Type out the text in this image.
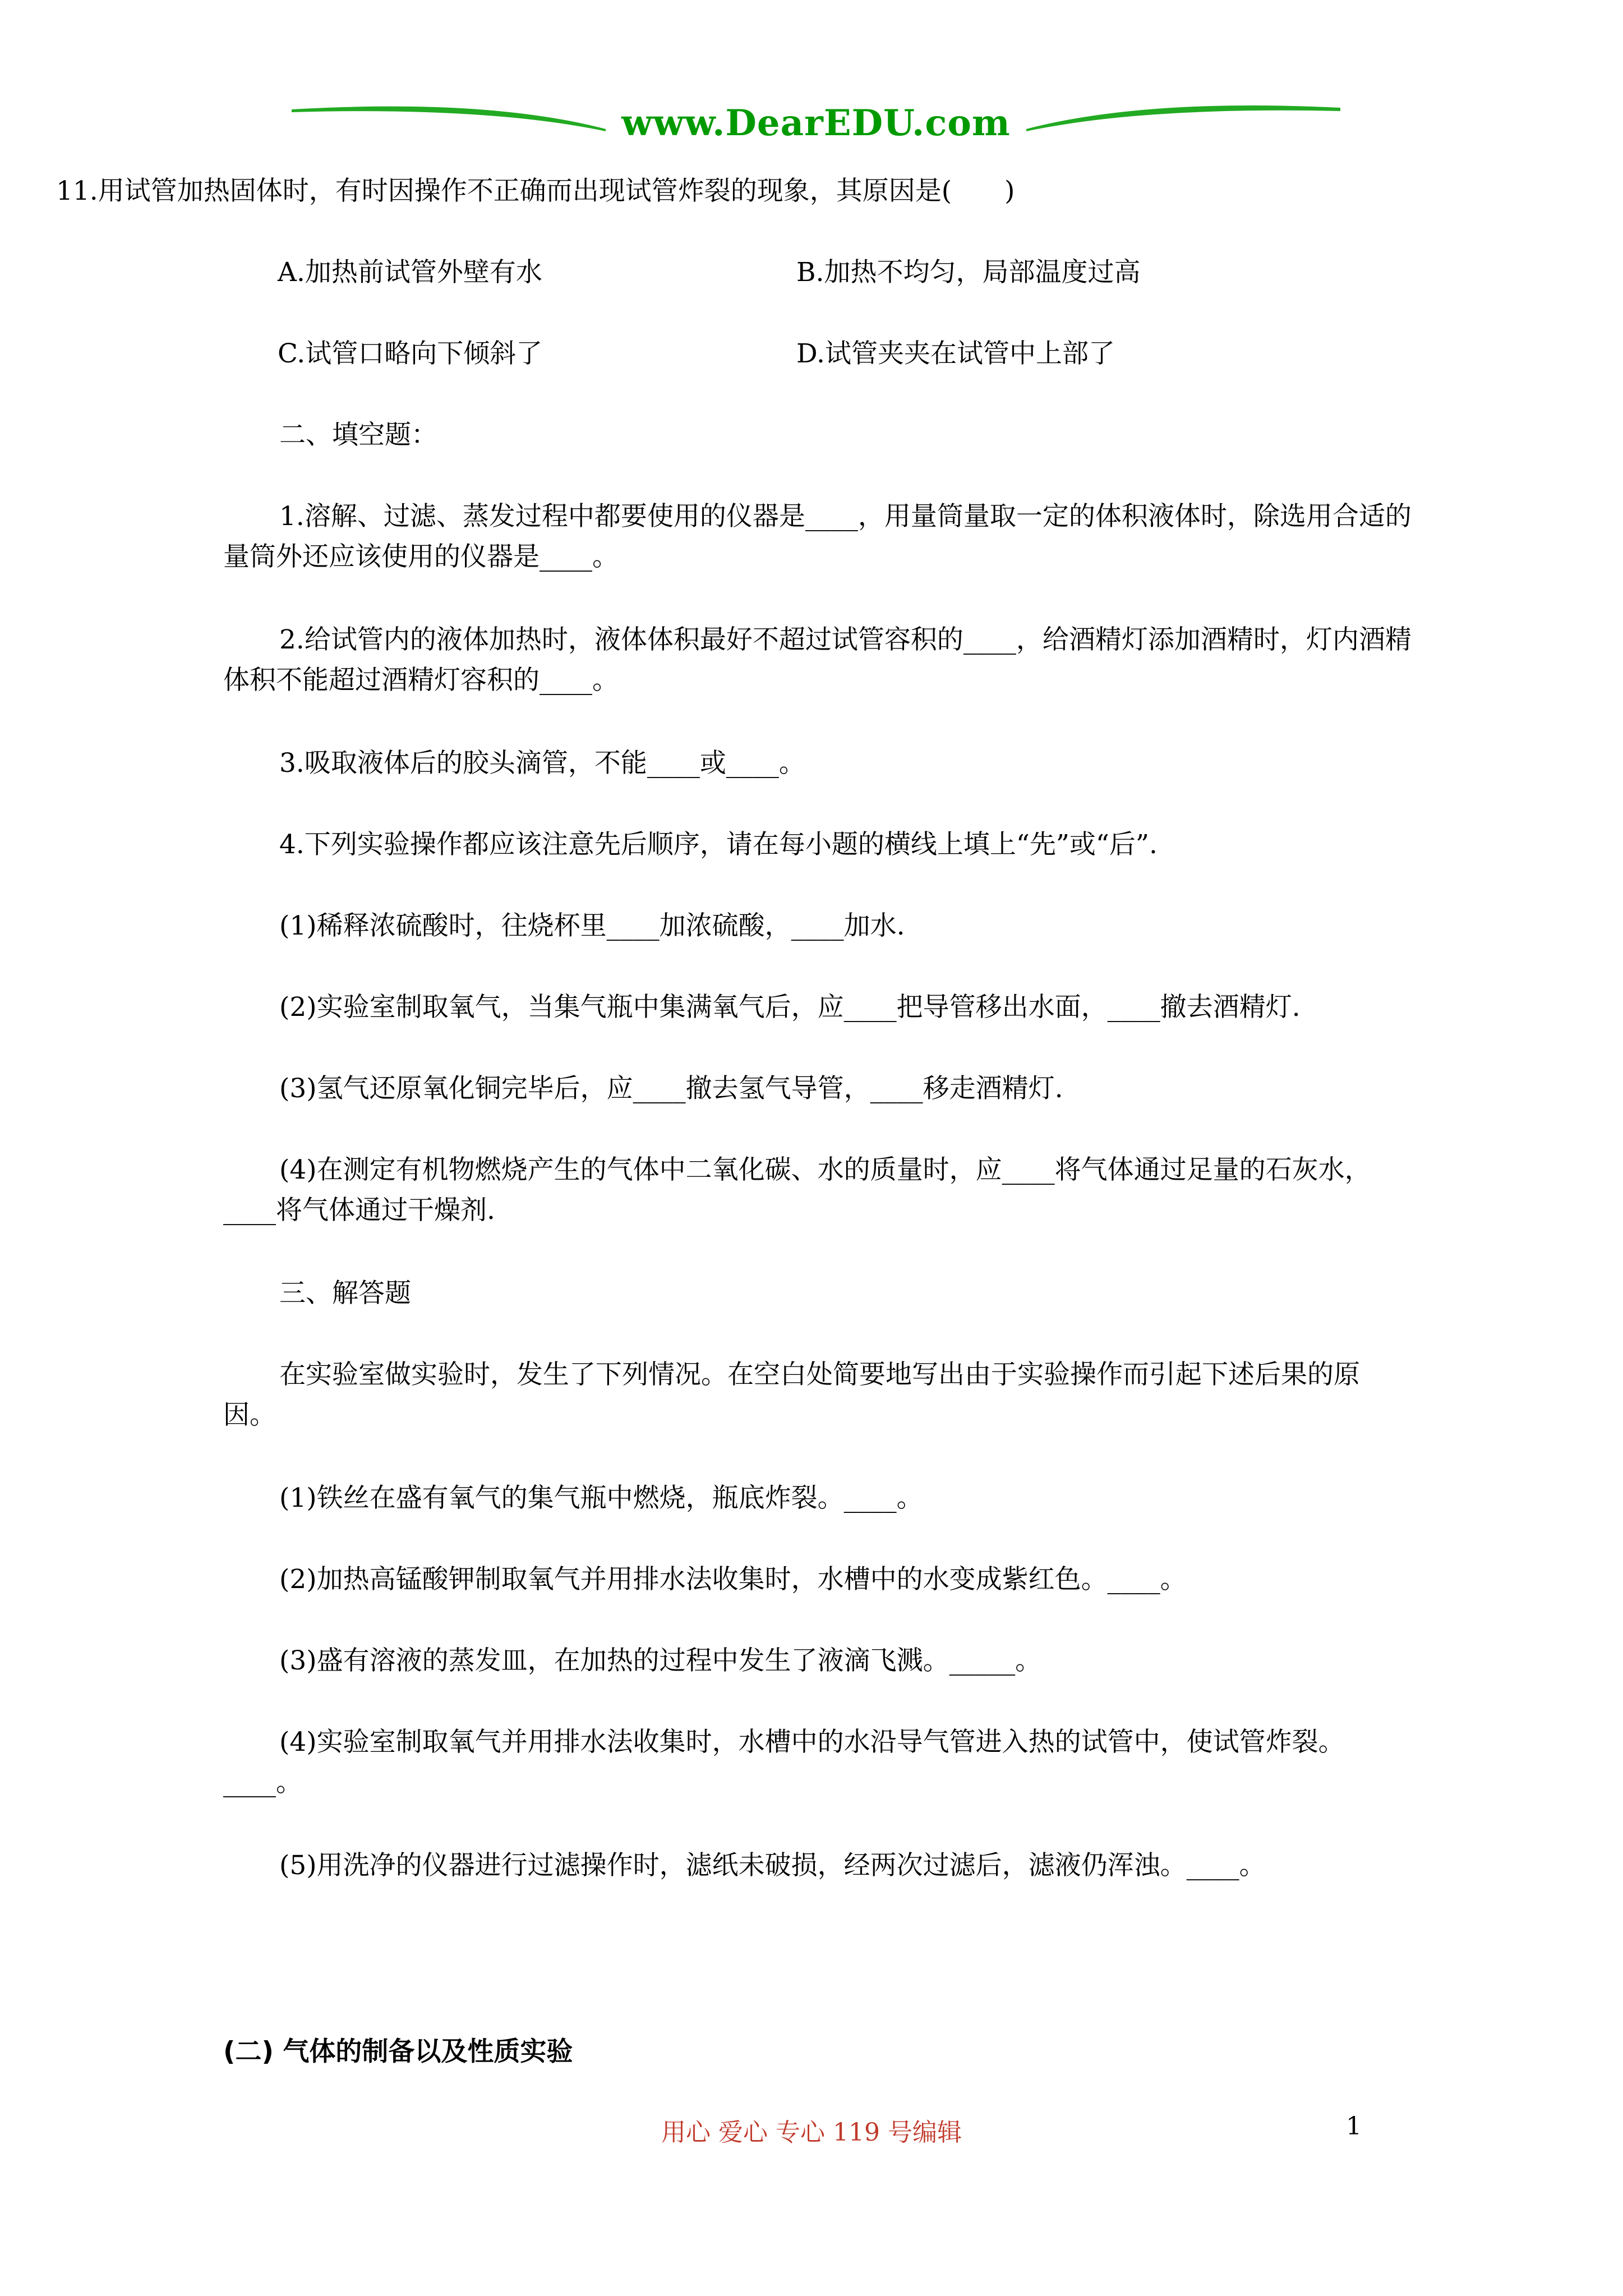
www.DearEDU.com
11.用试管加热固体时，有时因操作不正确而出现试管炸裂的现象，其原因是(　　)
A.加热前试管外壁有水	B.加热不均匀，局部温度过高
C.试管口略向下倾斜了	D.试管夹夹在试管中上部了
二、填空题：
1.溶解、过滤、蒸发过程中都要使用的仪器是____，用量筒量取一定的体积液体时，除选用合适的量筒外还应该使用的仪器是____。
2.给试管内的液体加热时，液体体积最好不超过试管容积的____，给酒精灯添加酒精时，灯内酒精体积不能超过酒精灯容积的____。
3.吸取液体后的胶头滴管，不能____或____。
4.下列实验操作都应该注意先后顺序，请在每小题的横线上填上“先”或“后”.
(1)稀释浓硫酸时，往烧杯里____加浓硫酸，____加水.
(2)实验室制取氧气，当集气瓶中集满氧气后，应____把导管移出水面，____撤去酒精灯.
(3)氢气还原氧化铜完毕后，应____撤去氢气导管，____移走酒精灯.
(4)在测定有机物燃烧产生的气体中二氧化碳、水的质量时，应____将气体通过足量的石灰水，____将气体通过干燥剂.
三、解答题
在实验室做实验时，发生了下列情况。在空白处简要地写出由于实验操作而引起下述后果的原因。
(1)铁丝在盛有氧气的集气瓶中燃烧，瓶底炸裂。____。
(2)加热高锰酸钾制取氧气并用排水法收集时，水槽中的水变成紫红色。____。
(3)盛有溶液的蒸发皿，在加热的过程中发生了液滴飞溅。_____。
(4)实验室制取氧气并用排水法收集时，水槽中的水沿导气管进入热的试管中，使试管炸裂。____。
(5)用洗净的仪器进行过滤操作时，滤纸未破损，经两次过滤后，滤液仍浑浊。____。
(二) 气体的制备以及性质实验
用心 爱心 专心 119 号编辑	1
